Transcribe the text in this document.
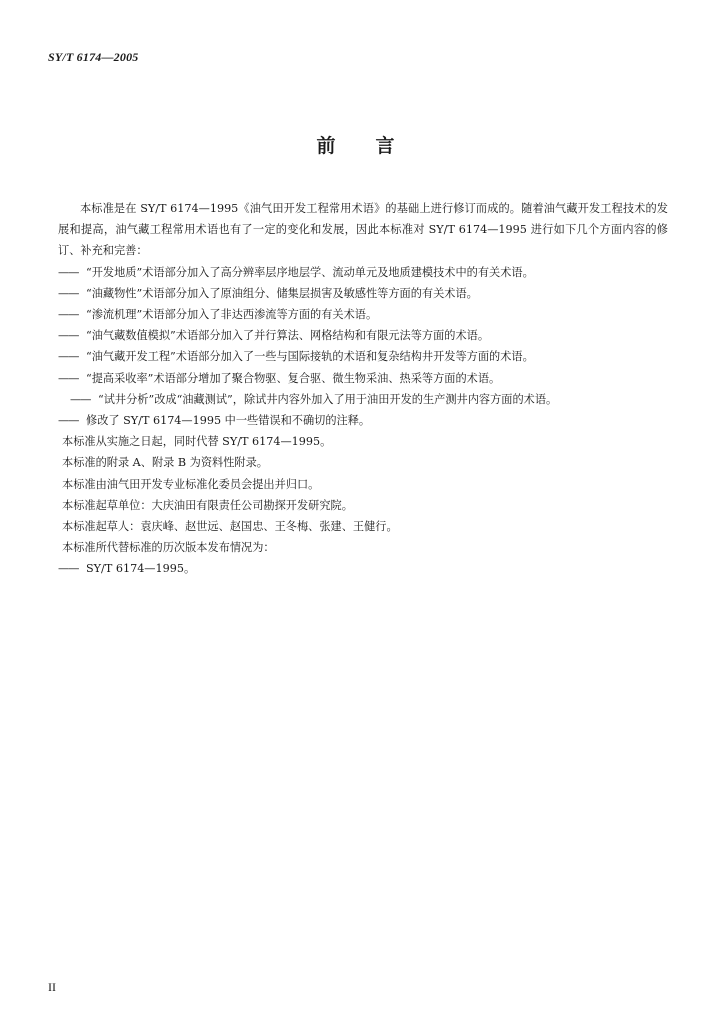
SY/T 6174—2005
前言

本标准是在 SY/T 6174—1995《油气田开发工程常用术语》的基础上进行修订而成的。随着油气藏开发工程技术的发展和提高，油气藏工程常用术语也有了一定的变化和发展，因此本标准对 SY/T 6174—1995 进行如下几个方面内容的修订、补充和完善：

—— “开发地质”术语部分加入了高分辨率层序地层学、流动单元及地质建模技术中的有关术语。

—— “油藏物性”术语部分加入了原油组分、储集层损害及敏感性等方面的有关术语。

—— “渗流机理”术语部分加入了非达西渗流等方面的有关术语。

—— “油气藏数值模拟”术语部分加入了并行算法、网格结构和有限元法等方面的术语。

—— “油气藏开发工程”术语部分加入了一些与国际接轨的术语和复杂结构井开发等方面的术语。

—— “提高采收率”术语部分增加了聚合物驱、复合驱、微生物采油、热采等方面的术语。

—— “试井分析”改成“油藏测试”，除试井内容外加入了用于油田开发的生产测井内容方面的术语。

—— 修改了 SY/T 6174—1995 中一些错误和不确切的注释。

本标准从实施之日起，同时代替 SY/T 6174—1995。

本标准的附录 A、附录 B 为资料性附录。

本标准由油气田开发专业标准化委员会提出并归口。

本标准起草单位：大庆油田有限责任公司勘探开发研究院。

本标准起草人：袁庆峰、赵世远、赵国忠、王冬梅、张建、王健行。

本标准所代替标准的历次版本发布情况为：

—— SY/T 6174—1995。

II
